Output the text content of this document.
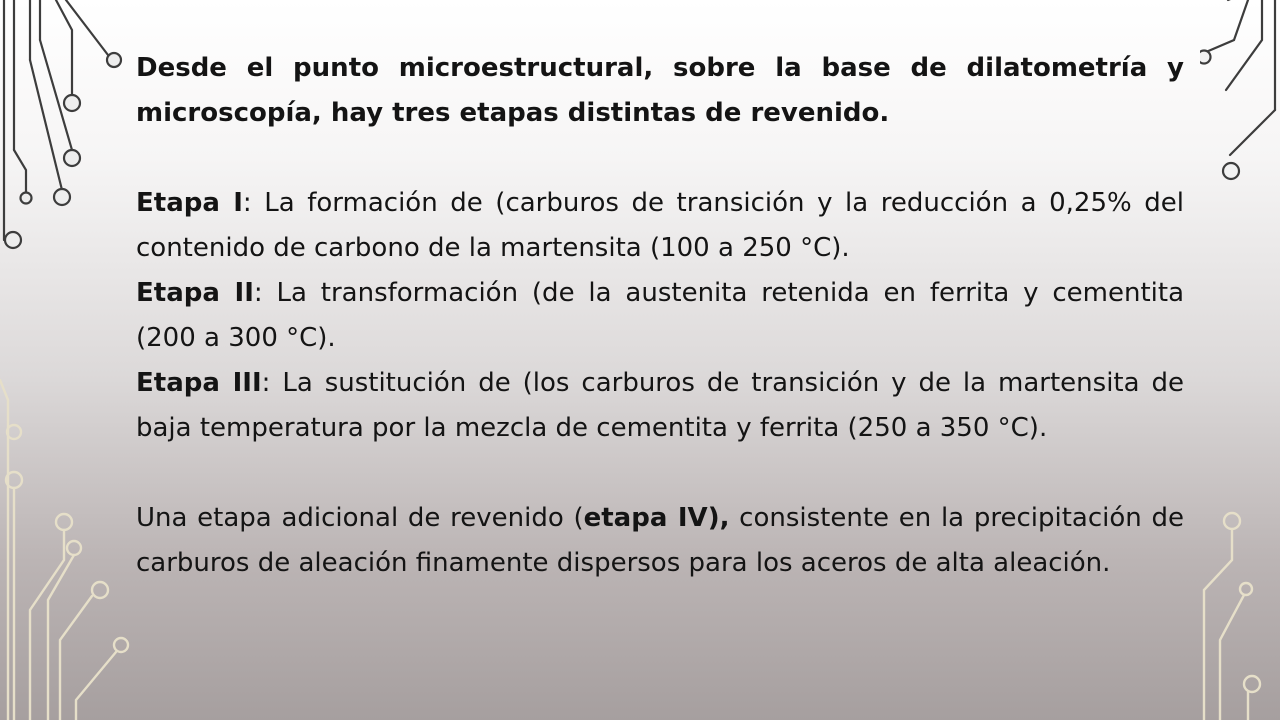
Desde el punto microestructural, sobre la base de dilatometría y microscopía, hay tres etapas distintas de revenido.

Etapa I: La formación de (carburos de transición y la reducción a 0,25% del contenido de carbono de la martensita (100 a 250 °C).

Etapa II: La transformación (de la austenita retenida en ferrita y cementita (200 a 300 °C).

Etapa III: La sustitución de (los carburos de transición y de la martensita de baja temperatura por la mezcla de cementita y ferrita (250 a 350 °C).

Una etapa adicional de revenido (etapa IV), consistente en la precipitación de carburos de aleación finamente dispersos para los aceros de alta aleación.
